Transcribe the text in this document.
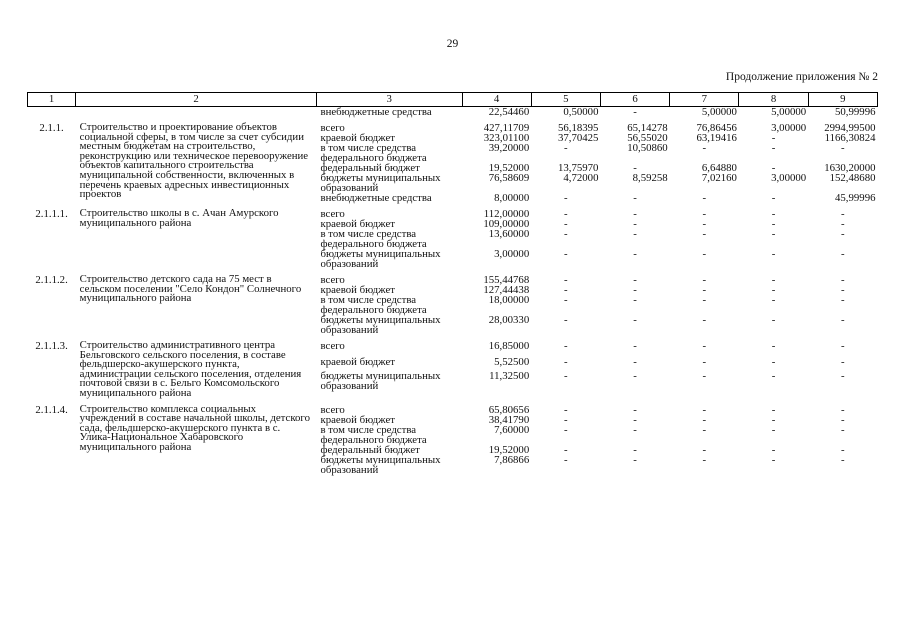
29
Продолжение приложения № 2
1	2	3	4	5	6	7	8	9
		внебюджетные средства	22,54460	0,50000	-	5,00000	5,00000	50,99996
2.1.1.	Строительство и проектирование объектов социальной сферы, в том числе за счет субсидии местным бюджетам на строительство, реконструкцию или техническое перевооружение объектов капитального строительства муниципальной собственности, включенных в перечень краевых адресных инвестиционных проектов	всего	427,11709	56,18395	65,14278	76,86456	3,00000	2994,99500
		краевой бюджет	323,01100	37,70425	56,55020	63,19416	-	1166,30824
		в том числе средства федерального бюджета	39,20000	-	10,50860	-	-	-
		федеральный бюджет	19,52000	13,75970	-	6,64880	-	1630,20000
		бюджеты муниципальных образований	76,58609	4,72000	8,59258	7,02160	3,00000	152,48680
		внебюджетные средства	8,00000	-	-	-	-	45,99996
2.1.1.1.	Строительство школы в с. Ачан Амурского муниципального района	всего	112,00000	-	-	-	-	-
		краевой бюджет	109,00000	-	-	-	-	-
		в том числе средства федерального бюджета	13,60000	-	-	-	-	-
		бюджеты муниципальных образований	3,00000	-	-	-	-	-
2.1.1.2.	Строительство детского сада на 75 мест в сельском поселении "Село Кондон" Солнечного муниципального района	всего	155,44768	-	-	-	-	-
		краевой бюджет	127,44438	-	-	-	-	-
		в том числе средства федерального бюджета	18,00000	-	-	-	-	-
		бюджеты муниципальных образований	28,00330	-	-	-	-	-
2.1.1.3.	Строительство административного центра Бельговского сельского поселения, в составе фельдшерско-акушерского пункта, администрации сельского поселения, отделения почтовой связи в с. Бельго Комсомольского муниципального района	всего	16,85000	-	-	-	-	-
		краевой бюджет	5,52500	-	-	-	-	-
		бюджеты муниципальных образований	11,32500	-	-	-	-	-
2.1.1.4.	Строительство комплекса социальных учреждений в составе начальной школы, детского сада, фельдшерско-акушерского пункта в с. Улика-Национальное Хабаровского муниципального района	всего	65,80656	-	-	-	-	-
		краевой бюджет	38,41790	-	-	-	-	-
		в том числе средства федерального бюджета	7,60000	-	-	-	-	-
		федеральный бюджет	19,52000	-	-	-	-	-
		бюджеты муниципальных образований	7,86866	-	-	-	-	-
